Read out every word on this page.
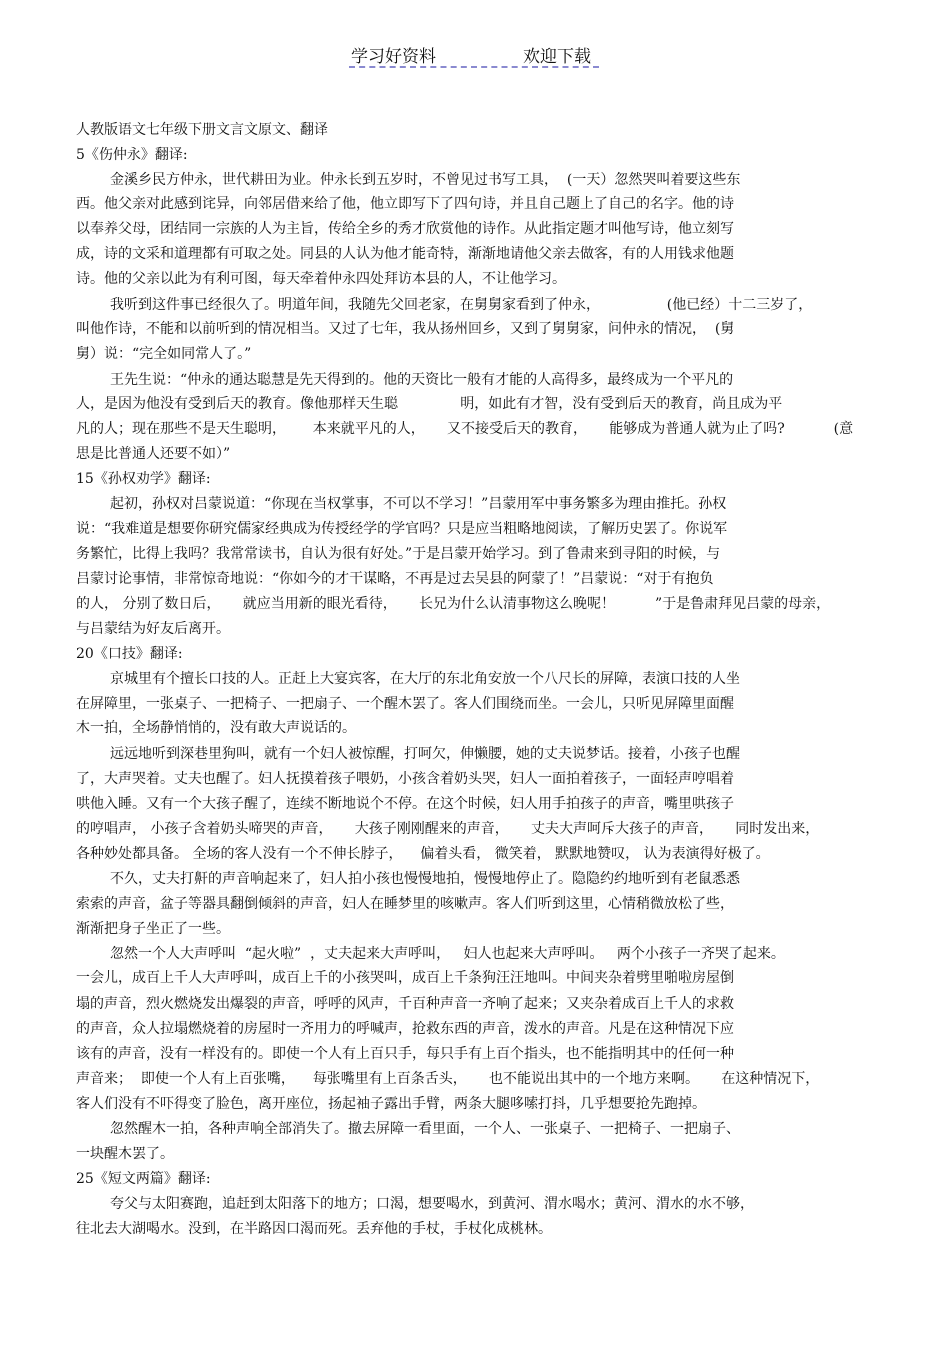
学习好资料	欢迎下载
人教版语文七年级下册文言文原文、翻译
5《伤仲永》翻译:
金溪乡民方仲永，世代耕田为业。仲永长到五岁时，不曾见过书写工具，  (一天）忽然哭叫着要这些东
西。他父亲对此感到诧异，向邻居借来给了他，他立即写下了四句诗，并且自己题上了自己的名字。他的诗
以奉养父母，团结同一宗族的人为主旨，传给全乡的秀才欣赏他的诗作。从此指定题才叫他写诗，他立刻写
成，诗的文采和道理都有可取之处。同县的人认为他才能奇特，渐渐地请他父亲去做客，有的人用钱求他题
诗。他的父亲以此为有利可图，每天牵着仲永四处拜访本县的人，不让他学习。
我听到这件事已经很久了。明道年间，我随先父回老家，在舅舅家看到了仲永，               (他已经）十二三岁了，
叫他作诗，不能和以前听到的情况相当。又过了七年，我从扬州回乡，又到了舅舅家，问仲永的情况，  (舅
舅）说：“完全如同常人了。”
王先生说：“仲永的通达聪慧是先天得到的。他的天资比一般有才能的人高得多，最终成为一个平凡的
人，是因为他没有受到后天的教育。像他那样天生聪              明，如此有才智，没有受到后天的教育，尚且成为平
凡的人；现在那些不是天生聪明，      本来就平凡的人，     又不接受后天的教育，     能够成为普通人就为止了吗?           (意
思是比普通人还要不如）”
15《孙权劝学》翻译:
起初，孙权对吕蒙说道：“你现在当权掌事，不可以不学习！”吕蒙用军中事务繁多为理由推托。孙权
说：“我难道是想要你研究儒家经典成为传授经学的学官吗？只是应当粗略地阅读，了解历史罢了。你说军
务繁忙，比得上我吗？我常常读书，自认为很有好处。”于是吕蒙开始学习。到了鲁肃来到寻阳的时候，与
吕蒙讨论事情，非常惊奇地说：“你如今的才干谋略，不再是过去吴县的阿蒙了！”吕蒙说：“对于有抱负
的人， 分别了数日后，     就应当用新的眼光看待，     长兄为什么认清事物这么晚呢！         ”于是鲁肃拜见吕蒙的母亲，
与吕蒙结为好友后离开。
20《口技》翻译:
京城里有个擅长口技的人。正赶上大宴宾客，在大厅的东北角安放一个八尺长的屏障，表演口技的人坐
在屏障里，一张桌子、一把椅子、一把扇子、一个醒木罢了。客人们围绕而坐。一会儿，只听见屏障里面醒
木一拍，全场静悄悄的，没有敢大声说话的。
远远地听到深巷里狗叫，就有一个妇人被惊醒，打呵欠，伸懒腰，她的丈夫说梦话。接着，小孩子也醒
了，大声哭着。丈夫也醒了。妇人抚摸着孩子喂奶，小孩含着奶头哭，妇人一面拍着孩子，一面轻声哼唱着
哄他入睡。又有一个大孩子醒了，连续不断地说个不停。在这个时候，妇人用手拍孩子的声音，嘴里哄孩子
的哼唱声， 小孩子含着奶头啼哭的声音，     大孩子刚刚醒来的声音，     丈夫大声呵斥大孩子的声音，     同时发出来，
各种妙处都具备。 全场的客人没有一个不伸长脖子，    偏着头看， 微笑着， 默默地赞叹， 认为表演得好极了。
不久，丈夫打鼾的声音响起来了，妇人拍小孩也慢慢地拍，慢慢地停止了。隐隐约约地听到有老鼠悉悉
索索的声音，盆子等器具翻倒倾斜的声音，妇人在睡梦里的咳嗽声。客人们听到这里，心情稍微放松了些，
渐渐把身子坐正了一些。
忽然一个人大声呼叫  “起火啦”  ，丈夫起来大声呼叫，   妇人也起来大声呼叫。   两个小孩子一齐哭了起来。
一会儿，成百上千人大声呼叫，成百上千的小孩哭叫，成百上千条狗汪汪地叫。中间夹杂着劈里啪啦房屋倒
塌的声音，烈火燃烧发出爆裂的声音，呼呼的风声，千百种声音一齐响了起来；又夹杂着成百上千人的求救
的声音，众人拉塌燃烧着的房屋时一齐用力的呼喊声，抢救东西的声音，泼水的声音。凡是在这种情况下应
该有的声音，没有一样没有的。即使一个人有上百只手，每只手有上百个指头，也不能指明其中的任何一种
声音来；  即使一个人有上百张嘴，    每张嘴里有上百条舌头，     也不能说出其中的一个地方来啊。     在这种情况下，
客人们没有不吓得变了脸色，离开座位，扬起袖子露出手臂，两条大腿哆嗦打抖，几乎想要抢先跑掉。
忽然醒木一拍，各种声响全部消失了。撤去屏障一看里面，一个人、一张桌子、一把椅子、一把扇子、
一块醒木罢了。
25《短文两篇》翻译:
夸父与太阳赛跑，追赶到太阳落下的地方；口渴，想要喝水，到黄河、渭水喝水；黄河、渭水的水不够，
往北去大湖喝水。没到，在半路因口渴而死。丢弃他的手杖，手杖化成桃林。
